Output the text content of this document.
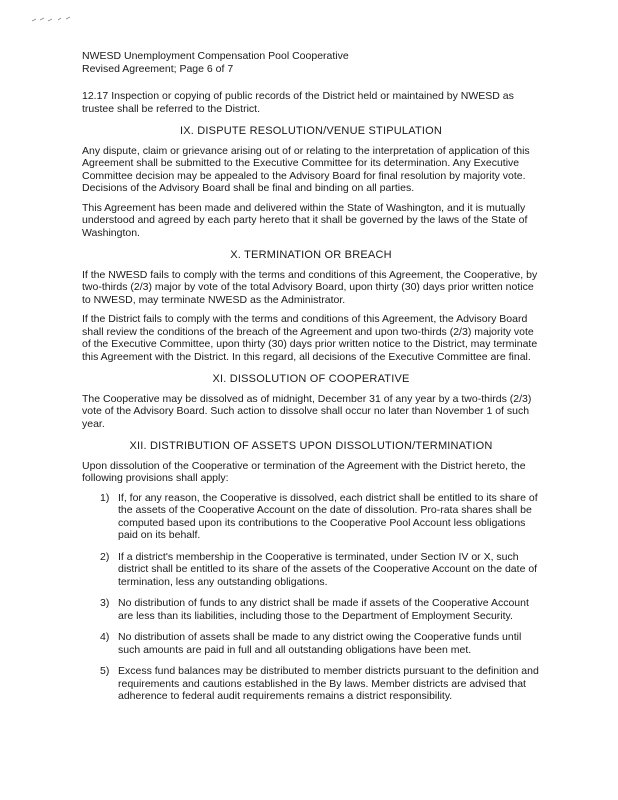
NWESD Unemployment Compensation Pool Cooperative
Revised Agreement; Page 6 of 7

12.17 Inspection or copying of public records of the District held or maintained by NWESD as trustee shall be referred to the District.

IX. DISPUTE RESOLUTION/VENUE STIPULATION

Any dispute, claim or grievance arising out of or relating to the interpretation of application of this Agreement shall be submitted to the Executive Committee for its determination. Any Executive Committee decision may be appealed to the Advisory Board for final resolution by majority vote. Decisions of the Advisory Board shall be final and binding on all parties.

This Agreement has been made and delivered within the State of Washington, and it is mutually understood and agreed by each party hereto that it shall be governed by the laws of the State of Washington.

X. TERMINATION OR BREACH

If the NWESD fails to comply with the terms and conditions of this Agreement, the Cooperative, by two-thirds (2/3) major by vote of the total Advisory Board, upon thirty (30) days prior written notice to NWESD, may terminate NWESD as the Administrator.

If the District fails to comply with the terms and conditions of this Agreement, the Advisory Board shall review the conditions of the breach of the Agreement and upon two-thirds (2/3) majority vote of the Executive Committee, upon thirty (30) days prior written notice to the District, may terminate this Agreement with the District. In this regard, all decisions of the Executive Committee are final.

XI. DISSOLUTION OF COOPERATIVE

The Cooperative may be dissolved as of midnight, December 31 of any year by a two-thirds (2/3) vote of the Advisory Board. Such action to dissolve shall occur no later than November 1 of such year.

XII. DISTRIBUTION OF ASSETS UPON DISSOLUTION/TERMINATION

Upon dissolution of the Cooperative or termination of the Agreement with the District hereto, the following provisions shall apply:

1) If, for any reason, the Cooperative is dissolved, each district shall be entitled to its share of the assets of the Cooperative Account on the date of dissolution. Pro-rata shares shall be computed based upon its contributions to the Cooperative Pool Account less obligations paid on its behalf.
2) If a district's membership in the Cooperative is terminated, under Section IV or X, such district shall be entitled to its share of the assets of the Cooperative Account on the date of termination, less any outstanding obligations.
3) No distribution of funds to any district shall be made if assets of the Cooperative Account are less than its liabilities, including those to the Department of Employment Security.
4) No distribution of assets shall be made to any district owing the Cooperative funds until such amounts are paid in full and all outstanding obligations have been met.
5) Excess fund balances may be distributed to member districts pursuant to the definition and requirements and cautions established in the By laws. Member districts are advised that adherence to federal audit requirements remains a district responsibility.
